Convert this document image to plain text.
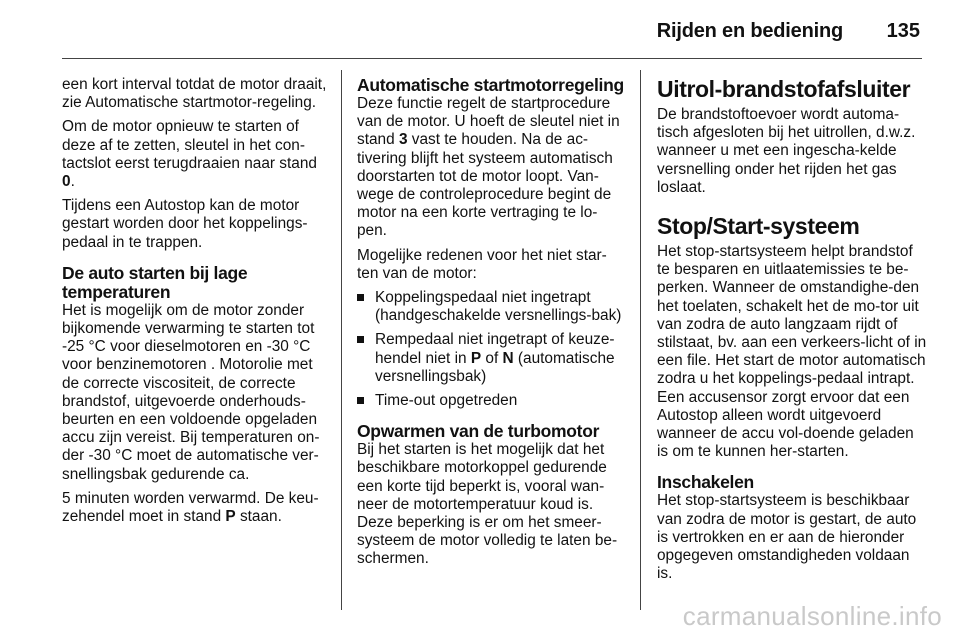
Rijden en bediening 135

een kort interval totdat de motor draait, zie Automatische startmotor-regeling.

Om de motor opnieuw te starten of deze af te zetten, sleutel in het con-tactslot eerst terugdraaien naar stand 0.

Tijdens een Autostop kan de motor gestart worden door het koppelings-pedaal in te trappen.

De auto starten bij lage temperaturen

Het is mogelijk om de motor zonder bijkomende verwarming te starten tot -25 °C voor dieselmotoren en -30 °C voor benzinemotoren . Motorolie met de correcte viscositeit, de correcte brandstof, uitgevoerde onderhouds-beurten en een voldoende opgeladen accu zijn vereist. Bij temperaturen on-der -30 °C moet de automatische ver-snellingsbak gedurende ca.

5 minuten worden verwarmd. De keu-zehendel moet in stand P staan.

Automatische startmotorregeling

Deze functie regelt de startprocedure van de motor. U hoeft de sleutel niet in stand 3 vast te houden. Na de ac-tivering blijft het systeem automatisch doorstarten tot de motor loopt. Van-wege de controleprocedure begint de motor na een korte vertraging te lo-pen.

Mogelijke redenen voor het niet star-ten van de motor:

Koppelingspedaal niet ingetrapt (handgeschakelde versnellings-bak)
Rempedaal niet ingetrapt of keuze-hendel niet in P of N (automatische versnellingsbak)
Time-out opgetreden
Opwarmen van de turbomotor

Bij het starten is het mogelijk dat het beschikbare motorkoppel gedurende een korte tijd beperkt is, vooral wan-neer de motortemperatuur koud is. Deze beperking is er om het smeer-systeem de motor volledig te laten be-schermen.

Uitrol-brandstofafsluiter

De brandstoftoevoer wordt automa-tisch afgesloten bij het uitrollen, d.w.z. wanneer u met een ingescha-kelde versnelling onder het rijden het gas loslaat.

Stop/Start-systeem

Het stop-startsysteem helpt brandstof te besparen en uitlaatemissies te be-perken. Wanneer de omstandighe-den het toelaten, schakelt het de mo-tor uit van zodra de auto langzaam rijdt of stilstaat, bv. aan een verkeers-licht of in een file. Het start de motor automatisch zodra u het koppelings-pedaal intrapt. Een accusensor zorgt ervoor dat een Autostop alleen wordt uitgevoerd wanneer de accu vol-doende geladen is om te kunnen her-starten.

Inschakelen

Het stop-startsysteem is beschikbaar van zodra de motor is gestart, de auto is vertrokken en er aan de hieronder opgegeven omstandigheden voldaan is.

carmanualsonline.info
